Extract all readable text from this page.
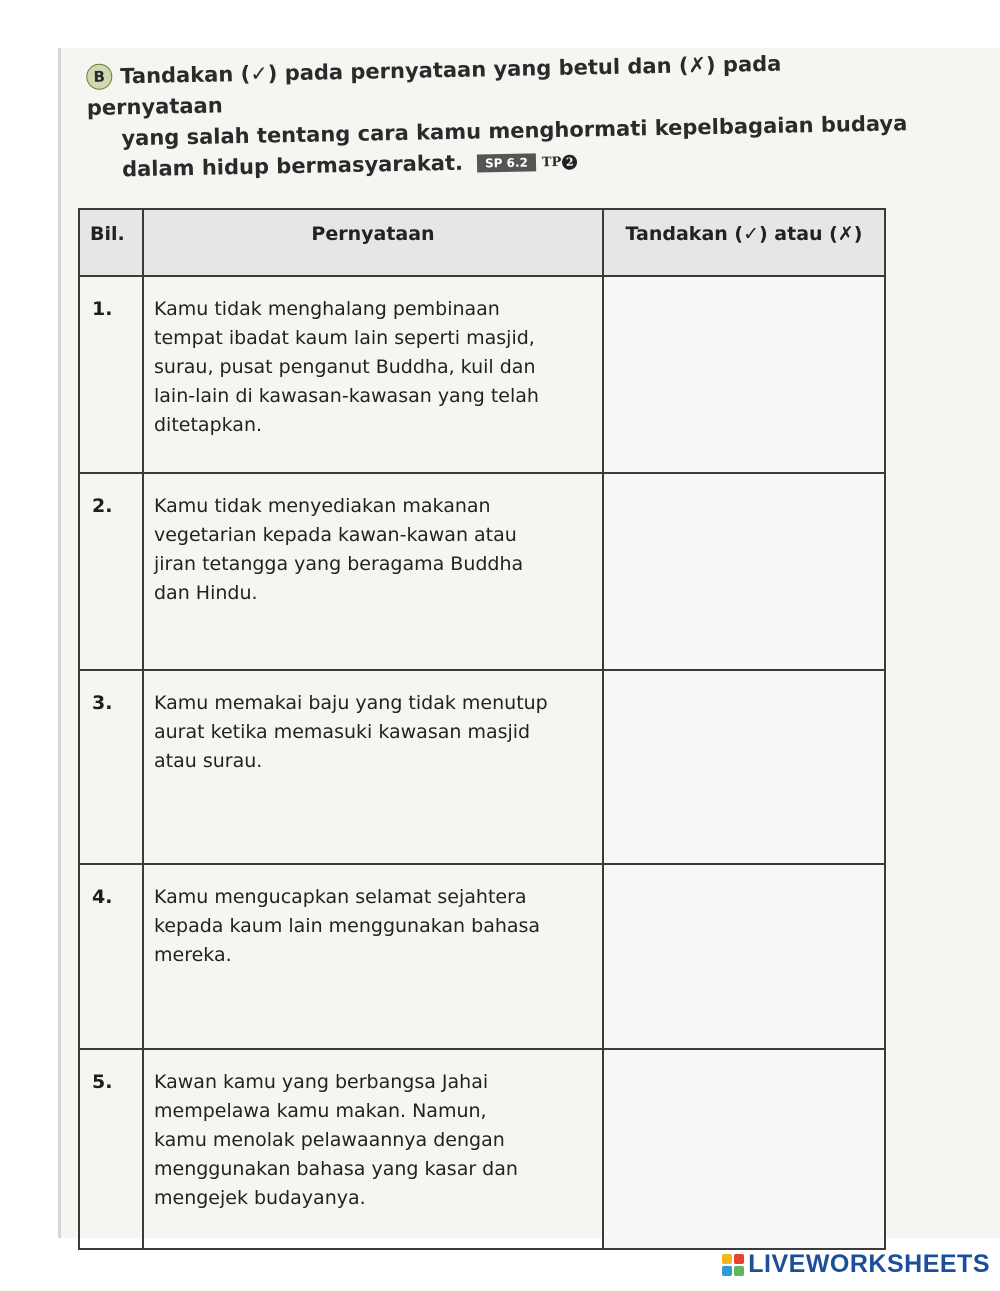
B Tandakan (✓) pada pernyataan yang betul dan (✗) pada pernyataan
yang salah tentang cara kamu menghormati kepelbagaian budaya
dalam hidup bermasyarakat. SP 6.2 TP 2
Bil.	Pernyataan	Tandakan (✓) atau (✗)
1.	Kamu tidak menghalang pembinaan
tempat ibadat kaum lain seperti masjid,
surau, pusat penganut Buddha, kuil dan
lain-lain di kawasan-kawasan yang telah
ditetapkan.	
2.	Kamu tidak menyediakan makanan
vegetarian kepada kawan-kawan atau
jiran tetangga yang beragama Buddha
dan Hindu.	
3.	Kamu memakai baju yang tidak menutup
aurat ketika memasuki kawasan masjid
atau surau.	
4.	Kamu mengucapkan selamat sejahtera
kepada kaum lain menggunakan bahasa
mereka.	
5.	Kawan kamu yang berbangsa Jahai
mempelawa kamu makan. Namun,
kamu menolak pelawaannya dengan
menggunakan bahasa yang kasar dan
mengejek budayanya.	
LIVEWORKSHEETS
